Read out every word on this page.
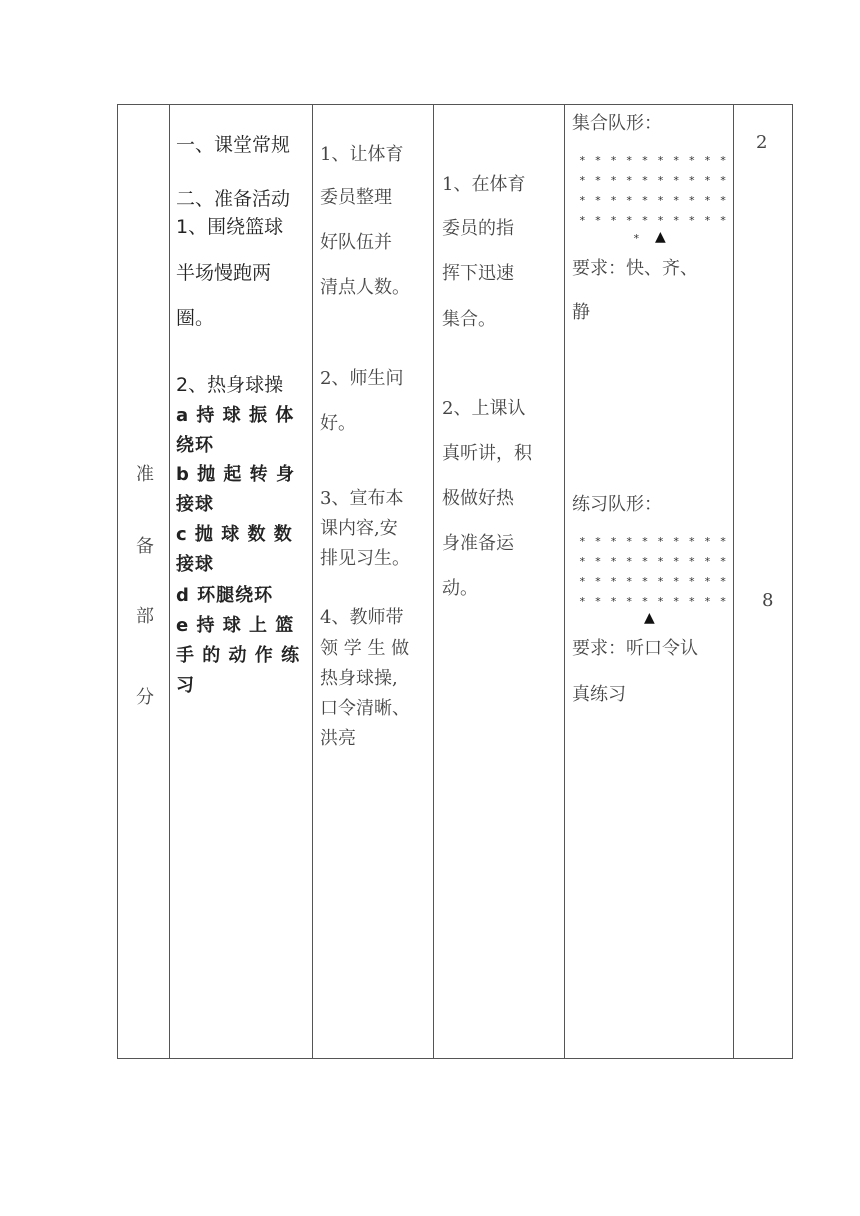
准
备
部
分
一、课堂常规
二、准备活动
1、围绕篮球
半场慢跑两
圈。
2、热身球操
a 持 球 振 体
绕环
b 抛 起 转 身
接球
c 抛 球 数 数
接球
d 环腿绕环
e 持 球 上 篮
手 的 动 作 练
习
1、让体育
委员整理
好队伍并
清点人数。
2、师生问
好。
3、宣布本
课内容,安
排见习生。
4、教师带
领 学 生 做
热身球操,
口令清晰、
洪亮
1、在体育
委员的指
挥下迅速
集合。
2、上课认
真听讲，积
极做好热
身准备运
动。
集合队形：
* * * * * * * * * *
* * * * * * * * * *
* * * * * * * * * *
* * * * * * * * * *
* ▲
要求：快、齐、
静
练习队形：
* * * * * * * * * *
* * * * * * * * * *
* * * * * * * * * *
* * * * * * * * * *
▲
要求：听口令认
真练习
2
8
